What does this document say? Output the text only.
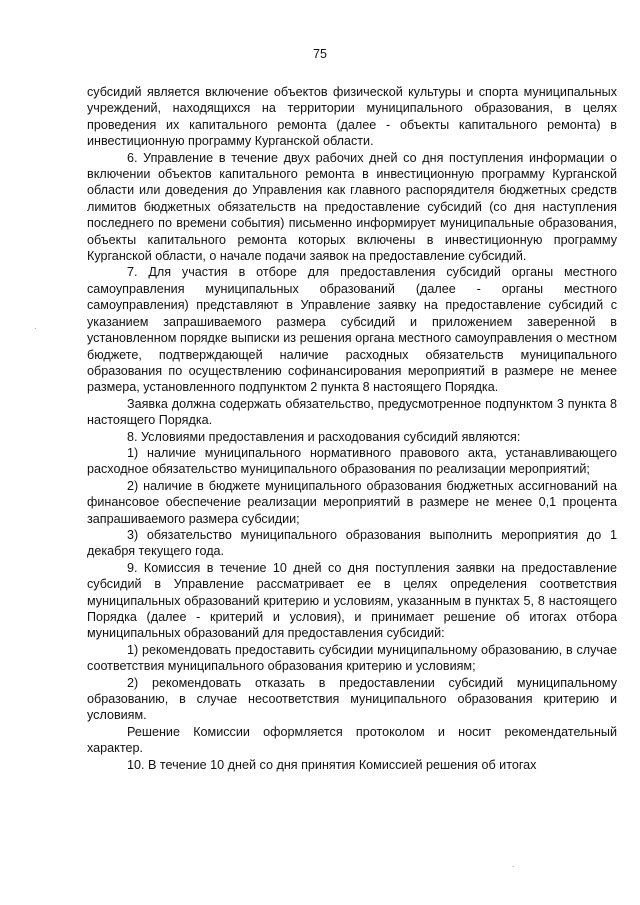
75

субсидий является включение объектов физической культуры и спорта муниципальных учреждений, находящихся на территории муниципального образования, в целях проведения их капитального ремонта (далее - объекты капитального ремонта) в инвестиционную программу Курганской области.

6. Управление в течение двух рабочих дней со дня поступления информации о включении объектов капитального ремонта в инвестиционную программу Курганской области или доведения до Управления как главного распорядителя бюджетных средств лимитов бюджетных обязательств на предоставление субсидий (со дня наступления последнего по времени события) письменно информирует муниципальные образования, объекты капитального ремонта которых включены в инвестиционную программу Курганской области, о начале подачи заявок на предоставление субсидий.

7. Для участия в отборе для предоставления субсидий органы местного самоуправления муниципальных образований (далее - органы местного самоуправления) представляют в Управление заявку на предоставление субсидий с указанием запрашиваемого размера субсидий и приложением заверенной в установленном порядке выписки из решения органа местного самоуправления о местном бюджете, подтверждающей наличие расходных обязательств муниципального образования по осуществлению софинансирования мероприятий в размере не менее размера, установленного подпунктом 2 пункта 8 настоящего Порядка.

Заявка должна содержать обязательство, предусмотренное подпунктом 3 пункта 8 настоящего Порядка.

8. Условиями предоставления и расходования субсидий являются:

1) наличие муниципального нормативного правового акта, устанавливающего расходное обязательство муниципального образования по реализации мероприятий;

2) наличие в бюджете муниципального образования бюджетных ассигнований на финансовое обеспечение реализации мероприятий в размере не менее 0,1 процента запрашиваемого размера субсидии;

3) обязательство муниципального образования выполнить мероприятия до 1 декабря текущего года.

9. Комиссия в течение 10 дней со дня поступления заявки на предоставление субсидий в Управление рассматривает ее в целях определения соответствия муниципальных образований критерию и условиям, указанным в пунктах 5, 8 настоящего Порядка (далее - критерий и условия), и принимает решение об итогах отбора муниципальных образований для предоставления субсидий:

1) рекомендовать предоставить субсидии муниципальному образованию, в случае соответствия муниципального образования критерию и условиям;

2) рекомендовать отказать в предоставлении субсидий муниципальному образованию, в случае несоответствия муниципального образования критерию и условиям.

Решение Комиссии оформляется протоколом и носит рекомендательный характер.

10. В течение 10 дней со дня принятия Комиссией решения об итогах

.
.
